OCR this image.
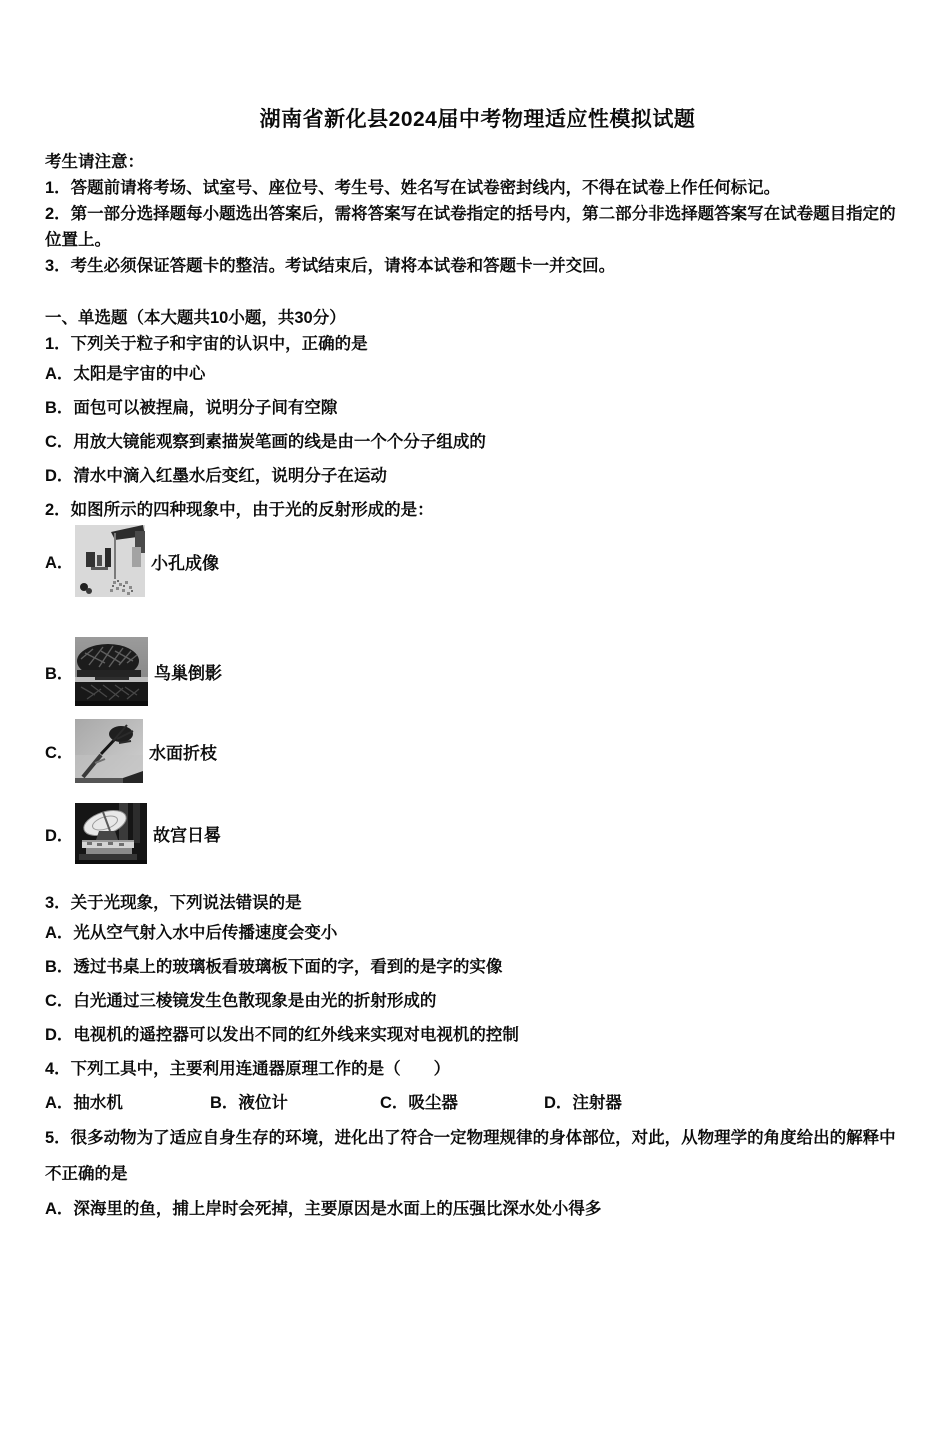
湖南省新化县2024届中考物理适应性模拟试题
考生请注意：
1．答题前请将考场、试室号、座位号、考生号、姓名写在试卷密封线内，不得在试卷上作任何标记。
2．第一部分选择题每小题选出答案后，需将答案写在试卷指定的括号内，第二部分非选择题答案写在试卷题目指定的位置上。
3．考生必须保证答题卡的整洁。考试结束后，请将本试卷和答题卡一并交回。
一、单选题（本大题共10小题，共30分）
1．下列关于粒子和宇宙的认识中，正确的是
A．太阳是宇宙的中心
B．面包可以被捏扁，说明分子间有空隙
C．用放大镜能观察到素描炭笔画的线是由一个个分子组成的
D．清水中滴入红墨水后变红，说明分子在运动
2．如图所示的四种现象中，由于光的反射形成的是：
A．	小孔成像
B．	鸟巢倒影
C．	水面折枝
D．	故宫日晷
3．关于光现象，下列说法错误的是
A．光从空气射入水中后传播速度会变小
B．透过书桌上的玻璃板看玻璃板下面的字，看到的是字的实像
C．白光通过三棱镜发生色散现象是由光的折射形成的
D．电视机的遥控器可以发出不同的红外线来实现对电视机的控制
4．下列工具中，主要利用连通器原理工作的是（　　）
A．抽水机	B．液位计	C．吸尘器	D．注射器
5．很多动物为了适应自身生存的环境，进化出了符合一定物理规律的身体部位，对此，从物理学的角度给出的解释中不正确的是
A．深海里的鱼，捕上岸时会死掉，主要原因是水面上的压强比深水处小得多
